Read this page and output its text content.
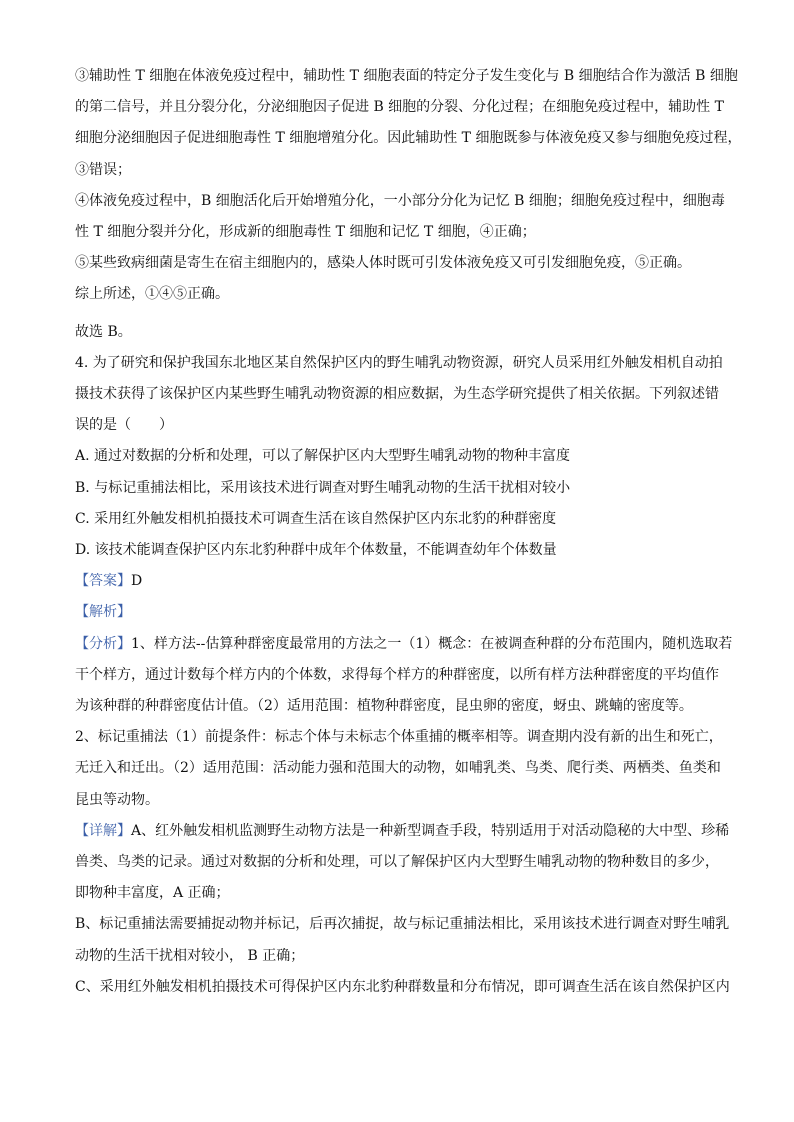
③辅助性 T 细胞在体液免疫过程中，辅助性 T 细胞表面的特定分子发生变化与 B 细胞结合作为激活 B 细胞

的第二信号，并且分裂分化，分泌细胞因子促进 B 细胞的分裂、分化过程；在细胞免疫过程中，辅助性 T

细胞分泌细胞因子促进细胞毒性 T 细胞增殖分化。因此辅助性 T 细胞既参与体液免疫又参与细胞免疫过程，

③错误；

④体液免疫过程中，B 细胞活化后开始增殖分化，一小部分分化为记忆 B 细胞；细胞免疫过程中，细胞毒

性 T 细胞分裂并分化，形成新的细胞毒性 T 细胞和记忆 T 细胞，④正确；

⑤某些致病细菌是寄生在宿主细胞内的，感染人体时既可引发体液免疫又可引发细胞免疫，⑤正确。

综上所述，①④⑤正确。

故选 B。

4. 为了研究和保护我国东北地区某自然保护区内的野生哺乳动物资源，研究人员采用红外触发相机自动拍

摄技术获得了该保护区内某些野生哺乳动物资源的相应数据，为生态学研究提供了相关依据。下列叙述错

误的是（　　）

A. 通过对数据的分析和处理，可以了解保护区内大型野生哺乳动物的物种丰富度

B. 与标记重捕法相比，采用该技术进行调查对野生哺乳动物的生活干扰相对较小

C. 采用红外触发相机拍摄技术可调查生活在该自然保护区内东北豹的种群密度

D. 该技术能调查保护区内东北豹种群中成年个体数量，不能调查幼年个体数量

【答案】D

【解析】

【分析】1、样方法--估算种群密度最常用的方法之一（1）概念：在被调查种群的分布范围内，随机选取若

干个样方，通过计数每个样方内的个体数，求得每个样方的种群密度，以所有样方法种群密度的平均值作

为该种群的种群密度估计值。（2）适用范围：植物种群密度，昆虫卵的密度，蚜虫、跳蝻的密度等。

2、标记重捕法（1）前提条件：标志个体与未标志个体重捕的概率相等。调查期内没有新的出生和死亡，

无迁入和迁出。（2）适用范围：活动能力强和范围大的动物，如哺乳类、鸟类、爬行类、两栖类、鱼类和

昆虫等动物。

【详解】A、红外触发相机监测野生动物方法是一种新型调查手段，特别适用于对活动隐秘的大中型、珍稀

兽类、鸟类的记录。通过对数据的分析和处理，可以了解保护区内大型野生哺乳动物的物种数目的多少，

即物种丰富度，A 正确；

B、标记重捕法需要捕捉动物并标记，后再次捕捉，故与标记重捕法相比，采用该技术进行调查对野生哺乳

动物的生活干扰相对较小， B 正确；

C、采用红外触发相机拍摄技术可得保护区内东北豹种群数量和分布情况，即可调查生活在该自然保护区内
